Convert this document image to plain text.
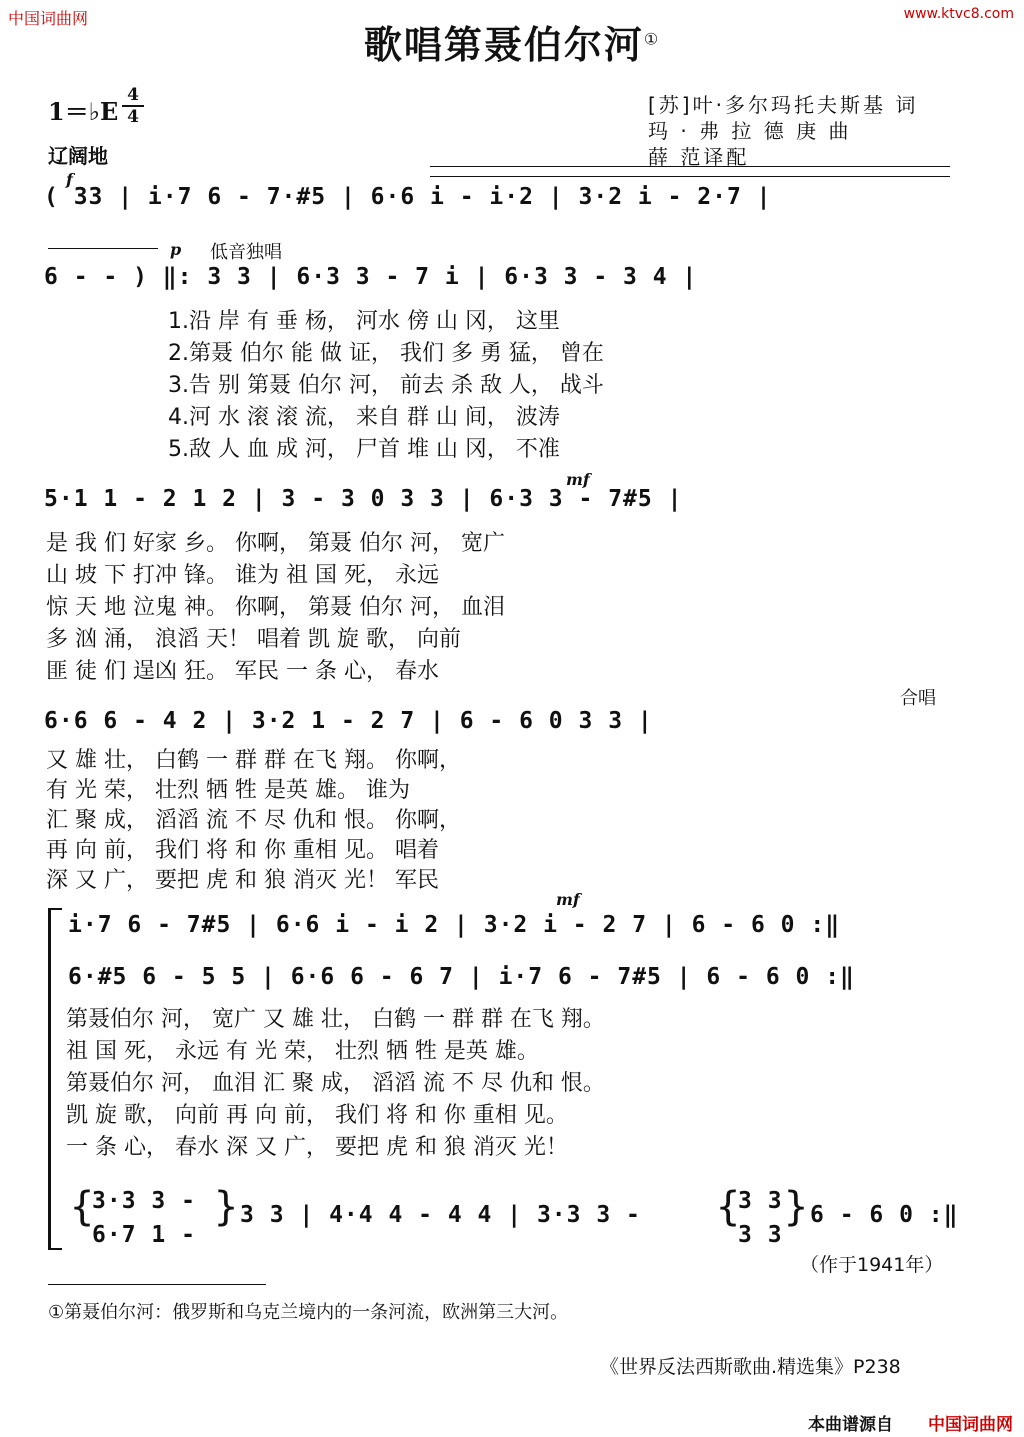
中国词曲网	www.ktvc8.com
歌唱第聂伯尔河①
1＝♭E
4
4
辽阔地
[苏]叶·多尔玛托夫斯基 词
玛 · 弗 拉 德 庚 曲
薛 范译配
f
( 33 | i·7 6 - 7·#5 | 6·6 i - i·2 | 3·2 i - 2·7 |
p 低音独唱
6 - - ) ‖: 3 3 | 6·3 3 - 7 i | 6·3 3 - 3 4 |
1.沿 岸 有 垂 杨， 河水 傍 山 冈， 这里
2.第聂 伯尔 能 做 证， 我们 多 勇 猛， 曾在
3.告 别 第聂 伯尔 河， 前去 杀 敌 人， 战斗
4.河 水 滚 滚 流， 来自 群 山 间， 波涛
5.敌 人 血 成 河， 尸首 堆 山 冈， 不准
mf
5·1 1 - 2 1 2 | 3 - 3 0 3 3 | 6·3 3 - 7#5 |
是 我 们 好家 乡。 你啊， 第聂 伯尔 河， 宽广
山 坡 下 打冲 锋。 谁为 祖 国 死， 永远
惊 天 地 泣鬼 神。 你啊， 第聂 伯尔 河， 血泪
多 汹 涌， 浪滔 天！ 唱着 凯 旋 歌， 向前
匪 徒 们 逞凶 狂。 军民 一 条 心， 春水
合唱
6·6 6 - 4 2 | 3·2 1 - 2 7 | 6 - 6 0 3 3 |
又 雄 壮， 白鹤 一 群 群 在飞 翔。 你啊，
有 光 荣， 壮烈 牺 牲 是英 雄。 谁为
汇 聚 成， 滔滔 流 不 尽 仇和 恨。 你啊，
再 向 前， 我们 将 和 你 重相 见。 唱着
深 又 广， 要把 虎 和 狼 消灭 光！ 军民
mf
i·7 6 - 7#5 | 6·6 i - i 2 | 3·2 i - 2 7 | 6 - 6 0 :‖
6·#5 6 - 5 5 | 6·6 6 - 6 7 | i·7 6 - 7#5 | 6 - 6 0 :‖
第聂伯尔 河， 宽广 又 雄 壮， 白鹤 一 群 群 在飞 翔。
祖 国 死， 永远 有 光 荣， 壮烈 牺 牲 是英 雄。
第聂伯尔 河， 血泪 汇 聚 成， 滔滔 流 不 尽 仇和 恨。
凯 旋 歌， 向前 再 向 前， 我们 将 和 你 重相 见。
一 条 心， 春水 深 又 广， 要把 虎 和 狼 消灭 光！
{
3·3 3 -
6·7 1 -
} 3 3 | 4·4 4 - 4 4 | 3·3 3 - {
3 3
3 3
} 6 - 6 0 :‖
（作于1941年）
①第聂伯尔河：俄罗斯和乌克兰境内的一条河流，欧洲第三大河。
《世界反法西斯歌曲.精选集》P238
本曲谱源自 中国词曲网
